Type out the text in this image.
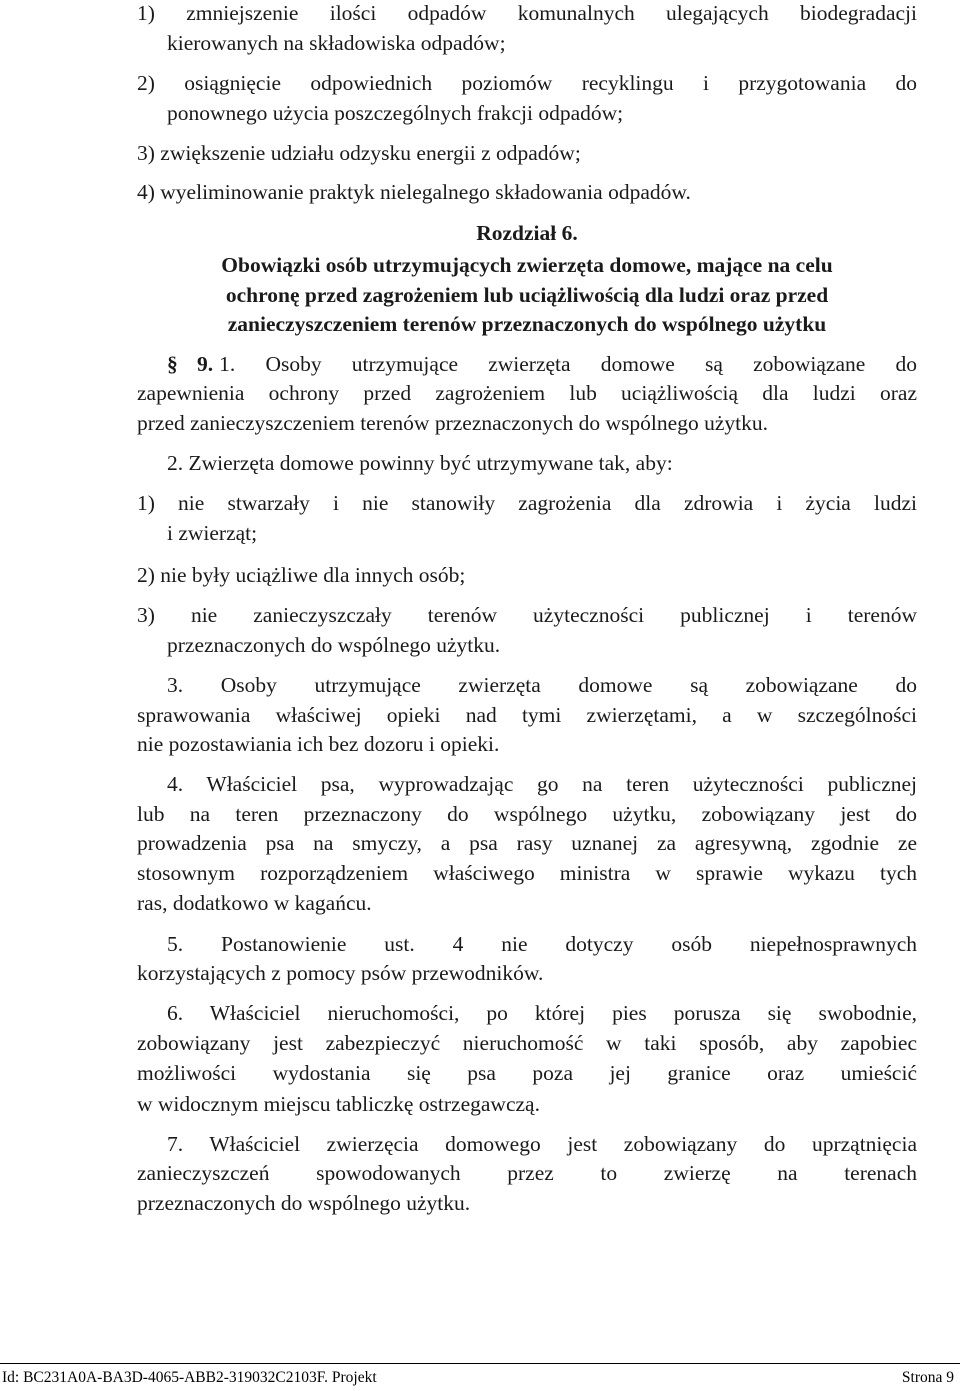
1) zmniejszenie ilości odpadów komunalnych ulegających biodegradacji
kierowanych na składowiska odpadów;
2) osiągnięcie odpowiednich poziomów recyklingu i przygotowania do
ponownego użycia poszczególnych frakcji odpadów;
3) zwiększenie udziału odzysku energii z odpadów;
4) wyeliminowanie praktyk nielegalnego składowania odpadów.
Rozdział 6.
Obowiązki osób utrzymujących zwierzęta domowe, mające na celu
ochronę przed zagrożeniem lub uciążliwością dla ludzi oraz przed
zanieczyszczeniem terenów przeznaczonych do wspólnego użytku
§ 9. 1. Osoby utrzymujące zwierzęta domowe są zobowiązane do
zapewnienia ochrony przed zagrożeniem lub uciążliwością dla ludzi oraz
przed zanieczyszczeniem terenów przeznaczonych do wspólnego użytku.
2. Zwierzęta domowe powinny być utrzymywane tak, aby:
1) nie stwarzały i nie stanowiły zagrożenia dla zdrowia i życia ludzi
i zwierząt;
2) nie były uciążliwe dla innych osób;
3) nie zanieczyszczały terenów użyteczności publicznej i terenów
przeznaczonych do wspólnego użytku.
3. Osoby utrzymujące zwierzęta domowe są zobowiązane do
sprawowania właściwej opieki nad tymi zwierzętami, a w szczególności
nie pozostawiania ich bez dozoru i opieki.
4. Właściciel psa, wyprowadzając go na teren użyteczności publicznej
lub na teren przeznaczony do wspólnego użytku, zobowiązany jest do
prowadzenia psa na smyczy, a psa rasy uznanej za agresywną, zgodnie ze
stosownym rozporządzeniem właściwego ministra w sprawie wykazu tych
ras, dodatkowo w kagańcu.
5. Postanowienie ust. 4 nie dotyczy osób niepełnosprawnych
korzystających z pomocy psów przewodników.
6. Właściciel nieruchomości, po której pies porusza się swobodnie,
zobowiązany jest zabezpieczyć nieruchomość w taki sposób, aby zapobiec
możliwości wydostania się psa poza jej granice oraz umieścić
w widocznym miejscu tabliczkę ostrzegawczą.
7. Właściciel zwierzęcia domowego jest zobowiązany do uprzątnięcia
zanieczyszczeń spowodowanych przez to zwierzę na terenach
przeznaczonych do wspólnego użytku.
Id: BC231A0A-BA3D-4065-ABB2-319032C2103F. Projekt	Strona 9
